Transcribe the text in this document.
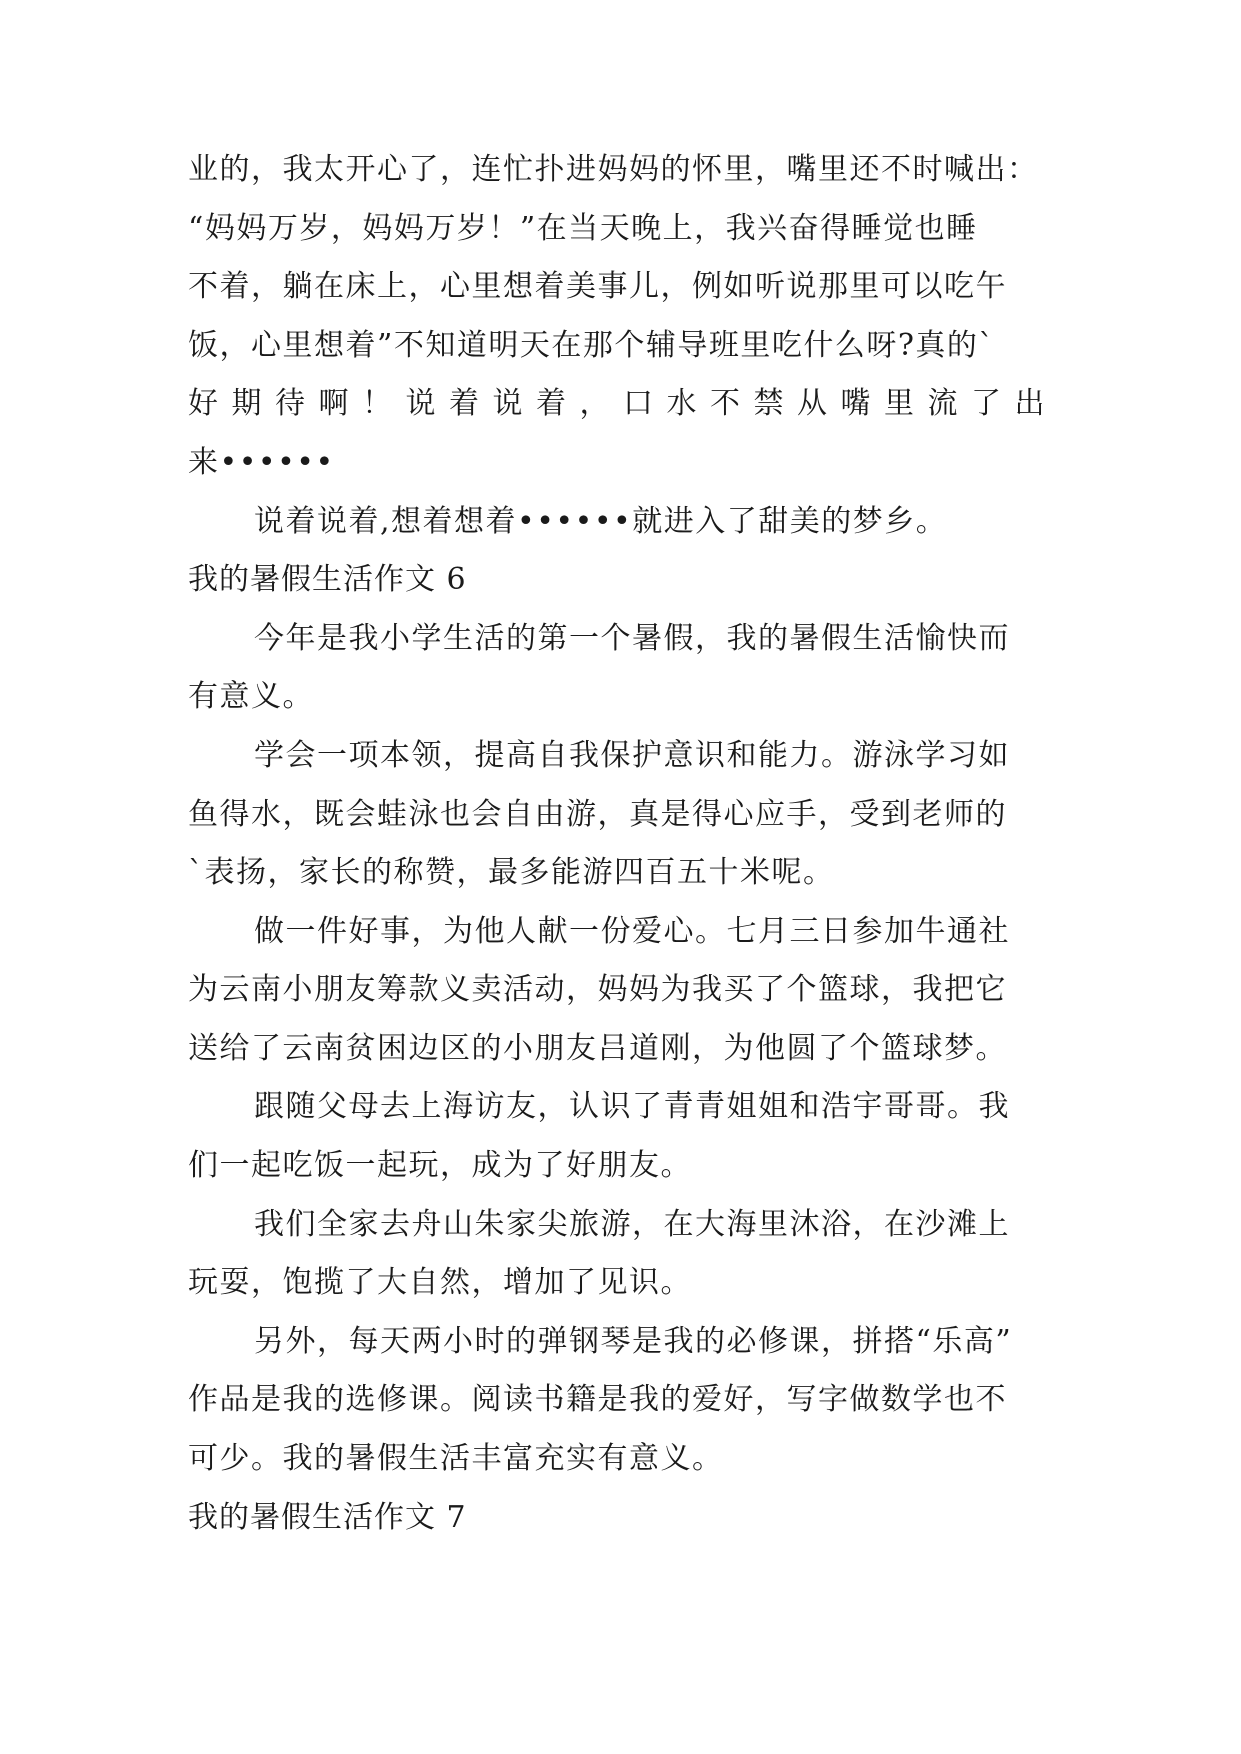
业的，我太开心了，连忙扑进妈妈的怀里，嘴里还不时喊出：
“妈妈万岁，妈妈万岁！”在当天晚上，我兴奋得睡觉也睡
不着，躺在床上，心里想着美事儿，例如听说那里可以吃午
饭，心里想着”不知道明天在那个辅导班里吃什么呀?真的`
好期待啊！说着说着，口水不禁从嘴里流了出
来••••••
说着说着,想着想着••••••就进入了甜美的梦乡。
我的暑假生活作文 6
今年是我小学生活的第一个暑假，我的暑假生活愉快而
有意义。
学会一项本领，提高自我保护意识和能力。游泳学习如
鱼得水，既会蛙泳也会自由游，真是得心应手，受到老师的
`表扬，家长的称赞，最多能游四百五十米呢。
做一件好事，为他人献一份爱心。七月三日参加牛通社
为云南小朋友筹款义卖活动，妈妈为我买了个篮球，我把它
送给了云南贫困边区的小朋友吕道刚，为他圆了个篮球梦。
跟随父母去上海访友，认识了青青姐姐和浩宇哥哥。我
们一起吃饭一起玩，成为了好朋友。
我们全家去舟山朱家尖旅游，在大海里沐浴，在沙滩上
玩耍，饱揽了大自然，增加了见识。
另外，每天两小时的弹钢琴是我的必修课，拼搭“乐高”
作品是我的选修课。阅读书籍是我的爱好，写字做数学也不
可少。我的暑假生活丰富充实有意义。
我的暑假生活作文 7
